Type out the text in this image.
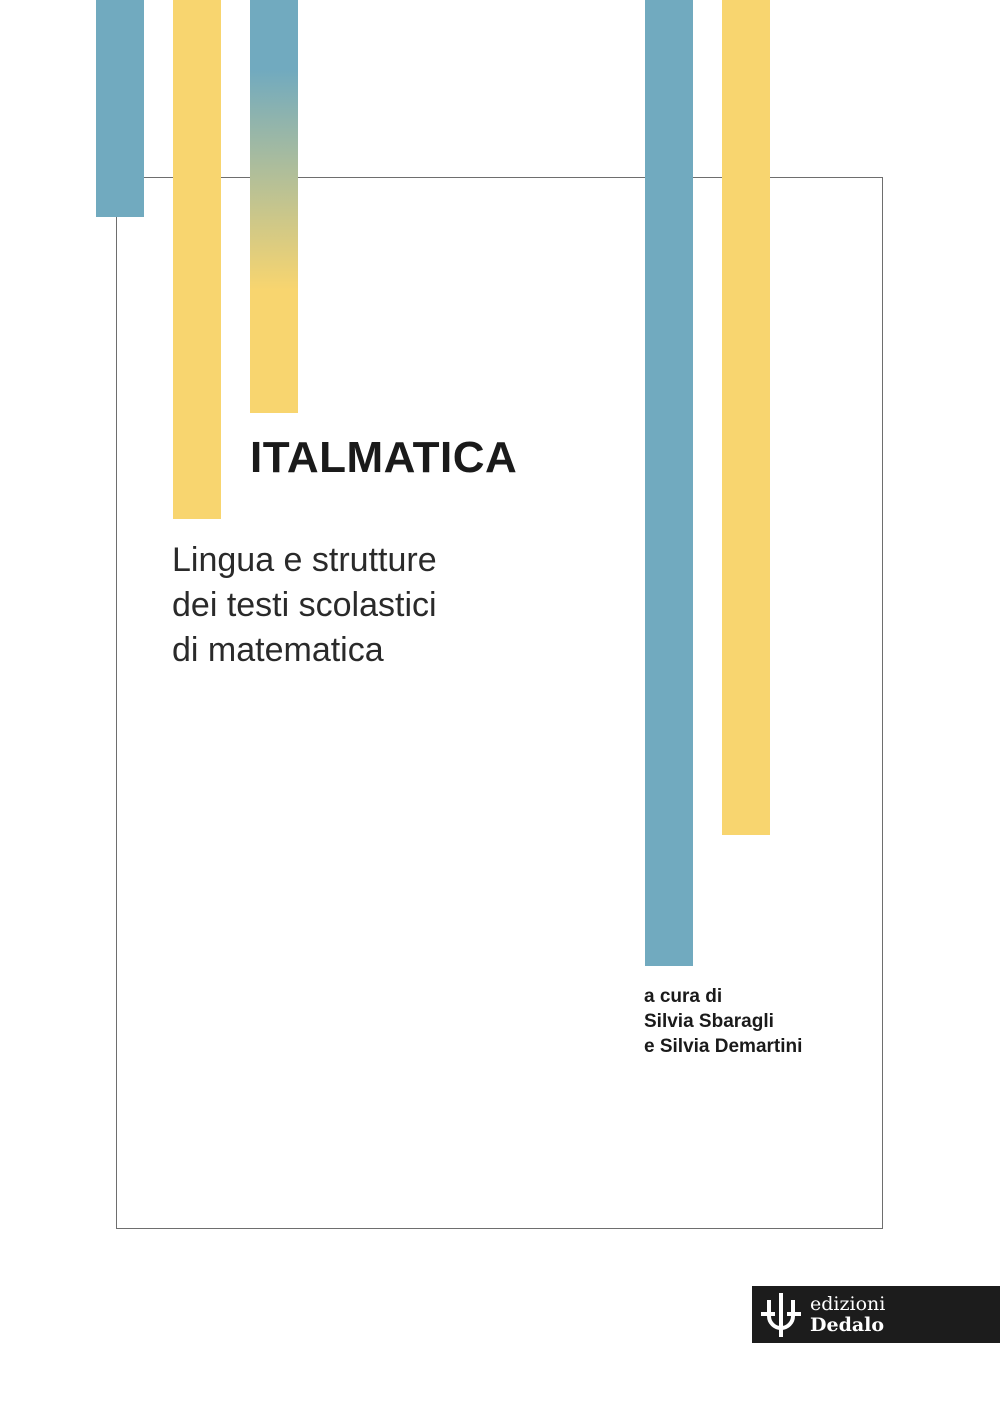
ITALMATICA
Lingua e strutture
dei testi scolastici
di matematica
a cura di
Silvia Sbaragli
e Silvia Demartini
edizioni
Dedalo
